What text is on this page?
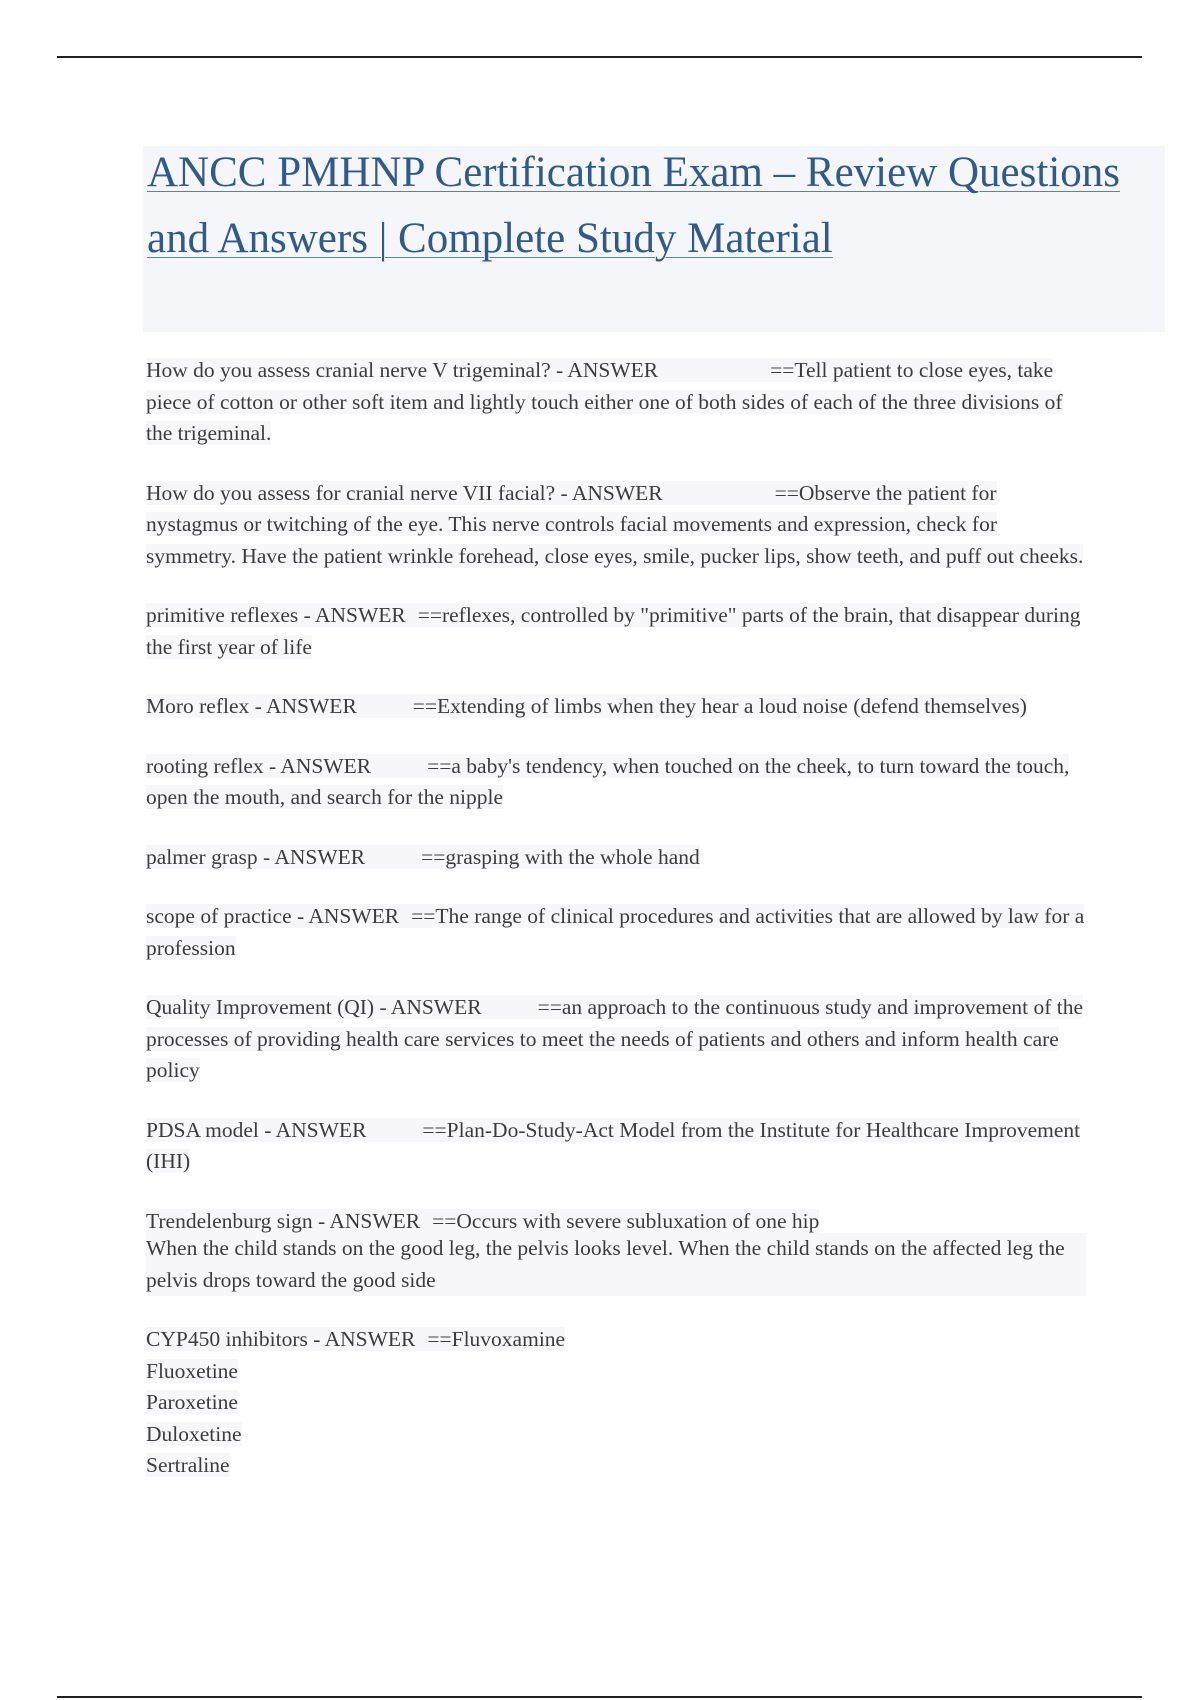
ANCC PMHNP Certification Exam – Review Questions and Answers | Complete Study Material

How do you assess cranial nerve V trigeminal? - ANSWER	==Tell patient to close eyes, take piece of cotton or other soft item and lightly touch either one of both sides of each of the three divisions of the trigeminal.

How do you assess for cranial nerve VII facial? - ANSWER	==Observe the patient for nystagmus or twitching of the eye. This nerve controls facial movements and expression, check for symmetry. Have the patient wrinkle forehead, close eyes, smile, pucker lips, show teeth, and puff out cheeks.

primitive reflexes - ANSWER ==reflexes, controlled by "primitive" parts of the brain, that disappear during the first year of life

Moro reflex - ANSWER	==Extending of limbs when they hear a loud noise (defend themselves)

rooting reflex - ANSWER	==a baby's tendency, when touched on the cheek, to turn toward the touch, open the mouth, and search for the nipple

palmer grasp - ANSWER	==grasping with the whole hand

scope of practice - ANSWER ==The range of clinical procedures and activities that are allowed by law for a profession

Quality Improvement (QI) - ANSWER	==an approach to the continuous study and improvement of the processes of providing health care services to meet the needs of patients and others and inform health care policy

PDSA model - ANSWER	==Plan-Do-Study-Act Model from the Institute for Healthcare Improvement (IHI)

Trendelenburg sign - ANSWER ==Occurs with severe subluxation of one hip
When the child stands on the good leg, the pelvis looks level. When the child stands on the affected leg the pelvis drops toward the good side

CYP450 inhibitors - ANSWER ==Fluvoxamine
Fluoxetine
Paroxetine
Duloxetine
Sertraline
